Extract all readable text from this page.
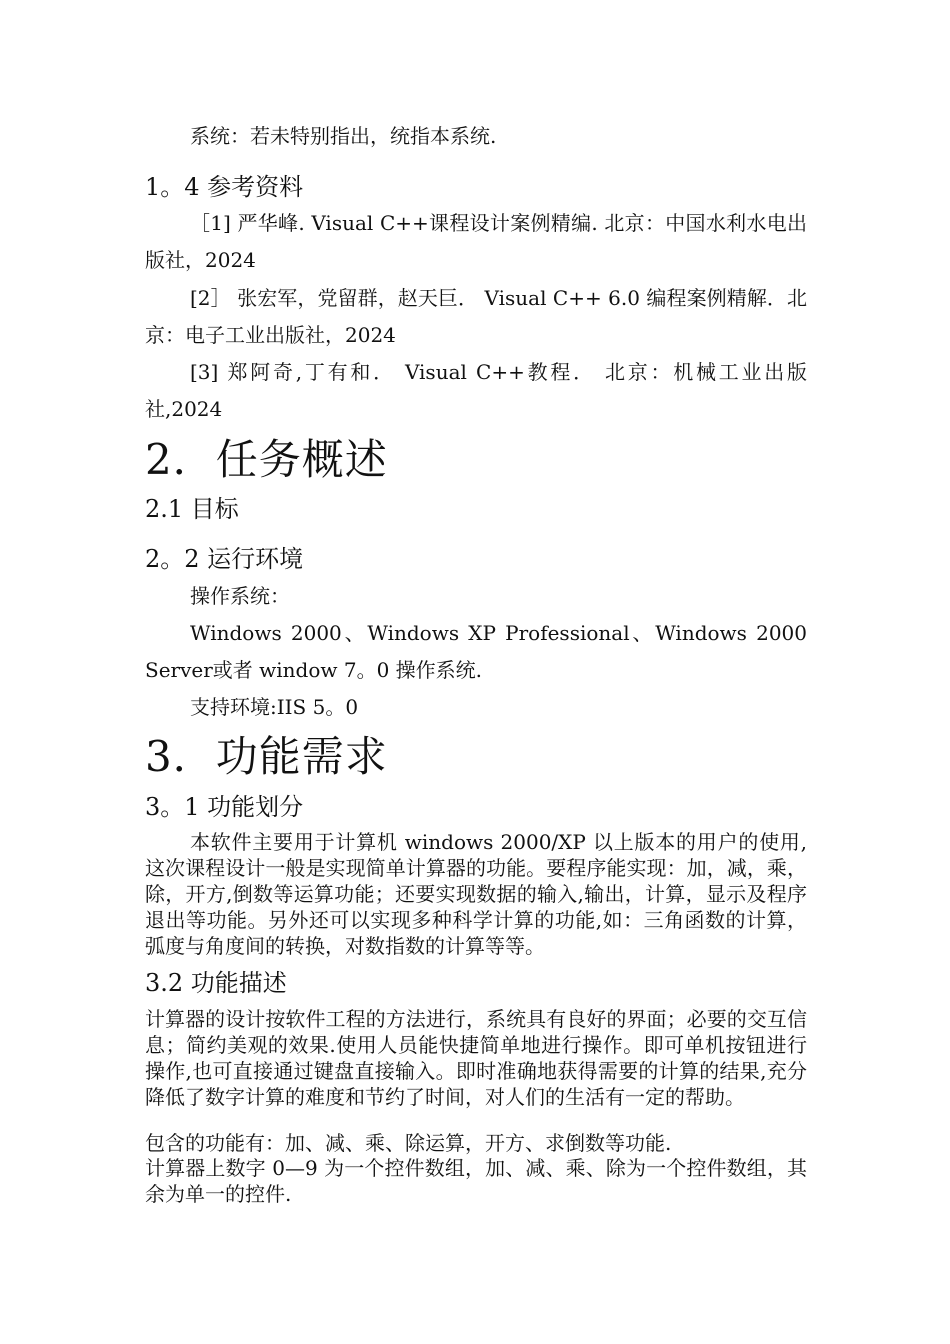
系统：若未特别指出，统指本系统.

1。4 参考资料

［1] 严华峰. Visual C++课程设计案例精编. 北京：中国水利水电出版社，2024

[2］ 张宏军，党留群，赵天巨． Visual C++ 6.0 编程案例精解．北京：电子工业出版社，2024

[3] 郑阿奇,丁有和． Visual C++教程． 北京：机械工业出版社,2024

2．任务概述
2.1 目标
2。2 运行环境

操作系统：

Windows 2000、Windows XP Professional、Windows 2000 Server或者 window 7。0 操作系统.

支持环境:IIS 5。0

3．功能需求
3。1 功能划分

本软件主要用于计算机 windows 2000/XP 以上版本的用户的使用,这次课程设计一般是实现简单计算器的功能。要程序能实现：加，减，乘，除，开方,倒数等运算功能；还要实现数据的输入,输出，计算，显示及程序退出等功能。另外还可以实现多种科学计算的功能,如：三角函数的计算，弧度与角度间的转换，对数指数的计算等等。

3.2 功能描述

计算器的设计按软件工程的方法进行，系统具有良好的界面；必要的交互信息；简约美观的效果.使用人员能快捷简单地进行操作。即可单机按钮进行操作,也可直接通过键盘直接输入。即时准确地获得需要的计算的结果,充分降低了数字计算的难度和节约了时间，对人们的生活有一定的帮助。

包含的功能有：加、减、乘、除运算，开方、求倒数等功能.

计算器上数字 0—9 为一个控件数组，加、减、乘、除为一个控件数组，其余为单一的控件.
